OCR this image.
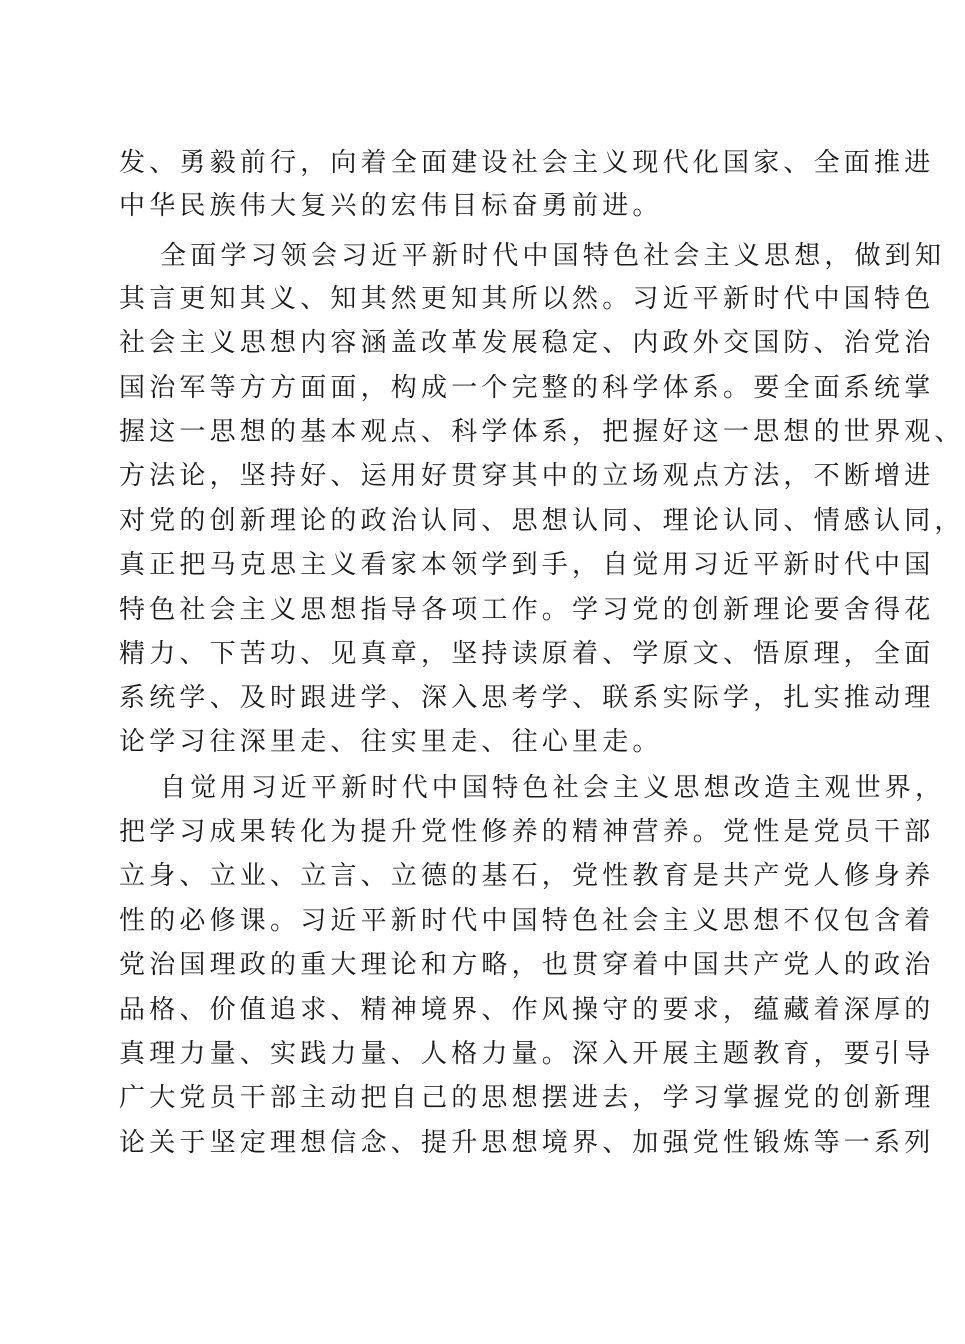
发、勇毅前行，向着全面建设社会主义现代化国家、全面推进
中华民族伟大复兴的宏伟目标奋勇前进。
全面学习领会习近平新时代中国特色社会主义思想，做到知
其言更知其义、知其然更知其所以然。习近平新时代中国特色
社会主义思想内容涵盖改革发展稳定、内政外交国防、治党治
国治军等方方面面，构成一个完整的科学体系。要全面系统掌
握这一思想的基本观点、科学体系，把握好这一思想的世界观、
方法论，坚持好、运用好贯穿其中的立场观点方法，不断增进
对党的创新理论的政治认同、思想认同、理论认同、情感认同，
真正把马克思主义看家本领学到手，自觉用习近平新时代中国
特色社会主义思想指导各项工作。学习党的创新理论要舍得花
精力、下苦功、见真章，坚持读原着、学原文、悟原理，全面
系统学、及时跟进学、深入思考学、联系实际学，扎实推动理
论学习往深里走、往实里走、往心里走。
自觉用习近平新时代中国特色社会主义思想改造主观世界，
把学习成果转化为提升党性修养的精神营养。党性是党员干部
立身、立业、立言、立德的基石，党性教育是共产党人修身养
性的必修课。习近平新时代中国特色社会主义思想不仅包含着
党治国理政的重大理论和方略，也贯穿着中国共产党人的政治
品格、价值追求、精神境界、作风操守的要求，蕴藏着深厚的
真理力量、实践力量、人格力量。深入开展主题教育，要引导
广大党员干部主动把自己的思想摆进去，学习掌握党的创新理
论关于坚定理想信念、提升思想境界、加强党性锻炼等一系列
